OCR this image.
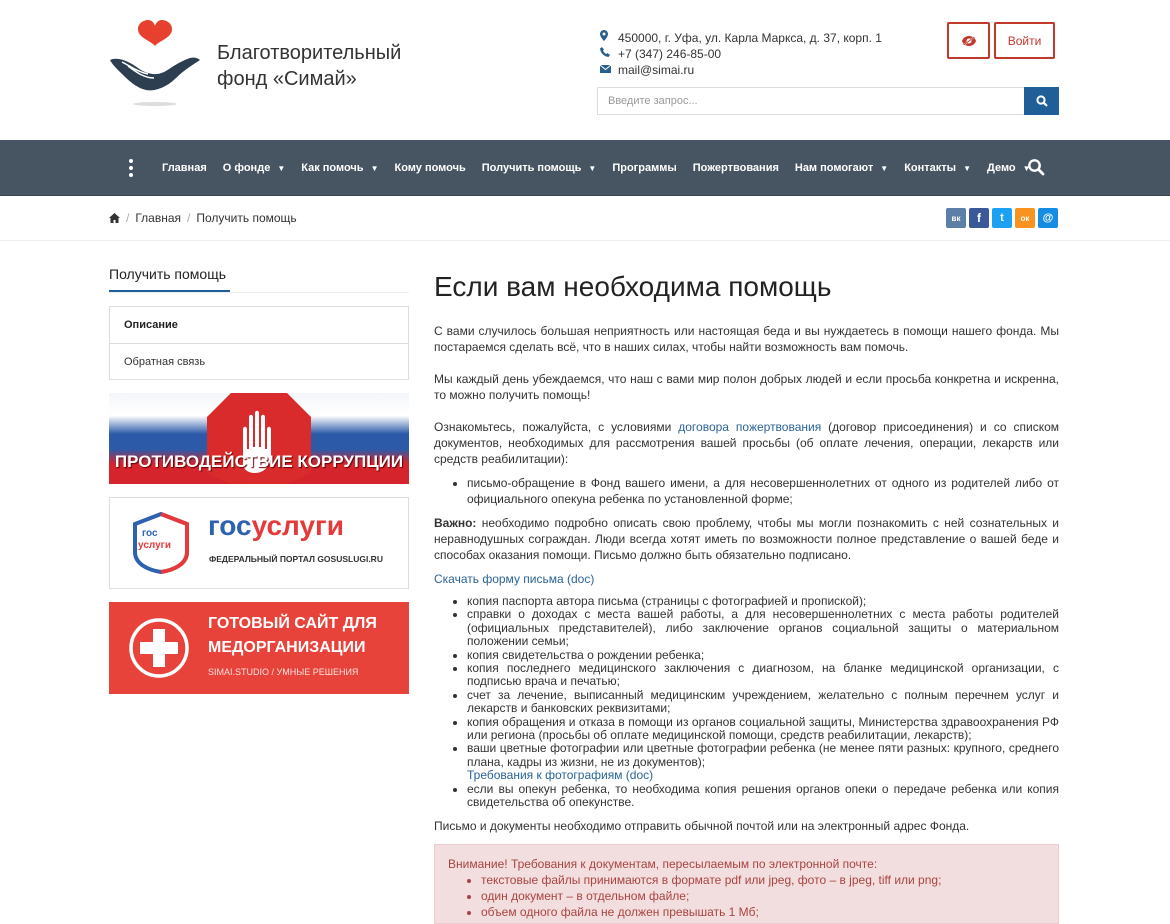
Благотворительный
фонд «Симай»
450000, г. Уфа, ул. Карла Маркса, д. 37, корп. 1
+7 (347) 246-85-00
mail@simai.ru
Войти
Введите запрос...
Главная О фонде ▼ Как помочь ▼ Кому помочь Получить помощь ▼ Программы Пожертвования Нам помогают ▼ Контакты ▼ Демо ▼
/ Главная / Получить помощь	вк	f	t	ок	@
Получить помощь
Описание
Обратная связь
ПРОТИВОДЕЙСТВИЕ КОРРУПЦИИ
гос
услуги
госуслуги
ФЕДЕРАЛЬНЫЙ ПОРТАЛ GOSUSLUGI.RU
ГОТОВЫЙ САЙТ ДЛЯ
МЕДОРГАНИЗАЦИИ
SIMAI.STUDIO / УМНЫЕ РЕШЕНИЯ
Если вам необходима помощь

С вами случилось большая неприятность или настоящая беда и вы нуждаетесь в помощи нашего фонда. Мы постараемся сделать всё, что в наших силах, чтобы найти возможность вам помочь.

Мы каждый день убеждаемся, что наш с вами мир полон добрых людей и если просьба конкретна и искренна, то можно получить помощь!

Ознакомьтесь, пожалуйста, с условиями договора пожертвования (договор присоединения) и со списком документов, необходимых для рассмотрения вашей просьбы (об оплате лечения, операции, лекарств или средств реабилитации):

• письмо-обращение в Фонд вашего имени, а для несовершеннолетних от одного из родителей либо от официального опекуна ребенка по установленной форме;

Важно: необходимо подробно описать свою проблему, чтобы мы могли познакомить с ней сознательных и неравнодушных сограждан. Люди всегда хотят иметь по возможности полное представление о вашей беде и способах оказания помощи. Письмо должно быть обязательно подписано.

Скачать форму письма (doc)

• копия паспорта автора письма (страницы с фотографией и пропиской);
• справки о доходах с места вашей работы, а для несовершеннолетних с места работы родителей (официальных представителей), либо заключение органов социальной защиты о материальном положении семьи;
• копия свидетельства о рождении ребенка;
• копия последнего медицинского заключения с диагнозом, на бланке медицинской организации, с подписью врача и печатью;
• счет за лечение, выписанный медицинским учреждением, желательно с полным перечнем услуг и лекарств и банковских реквизитами;
• копия обращения и отказа в помощи из органов социальной защиты, Министерства здравоохранения РФ или региона (просьбы об оплате медицинской помощи, средств реабилитации, лекарств);
• ваши цветные фотографии или цветные фотографии ребенка (не менее пяти разных: крупного, среднего плана, кадры из жизни, не из документов);
Требования к фотографиям (doc)
• если вы опекун ребенка, то необходима копия решения органов опеки о передаче ребенка или копия свидетельства об опекунстве.

Письмо и документы необходимо отправить обычной почтой или на электронный адрес Фонда.

Внимание! Требования к документам, пересылаемым по электронной почте:
• текстовые файлы принимаются в формате pdf или jpeg, фото – в jpeg, tiff или png;
• один документ – в отдельном файле;
• объем одного файла не должен превышать 1 Мб;
